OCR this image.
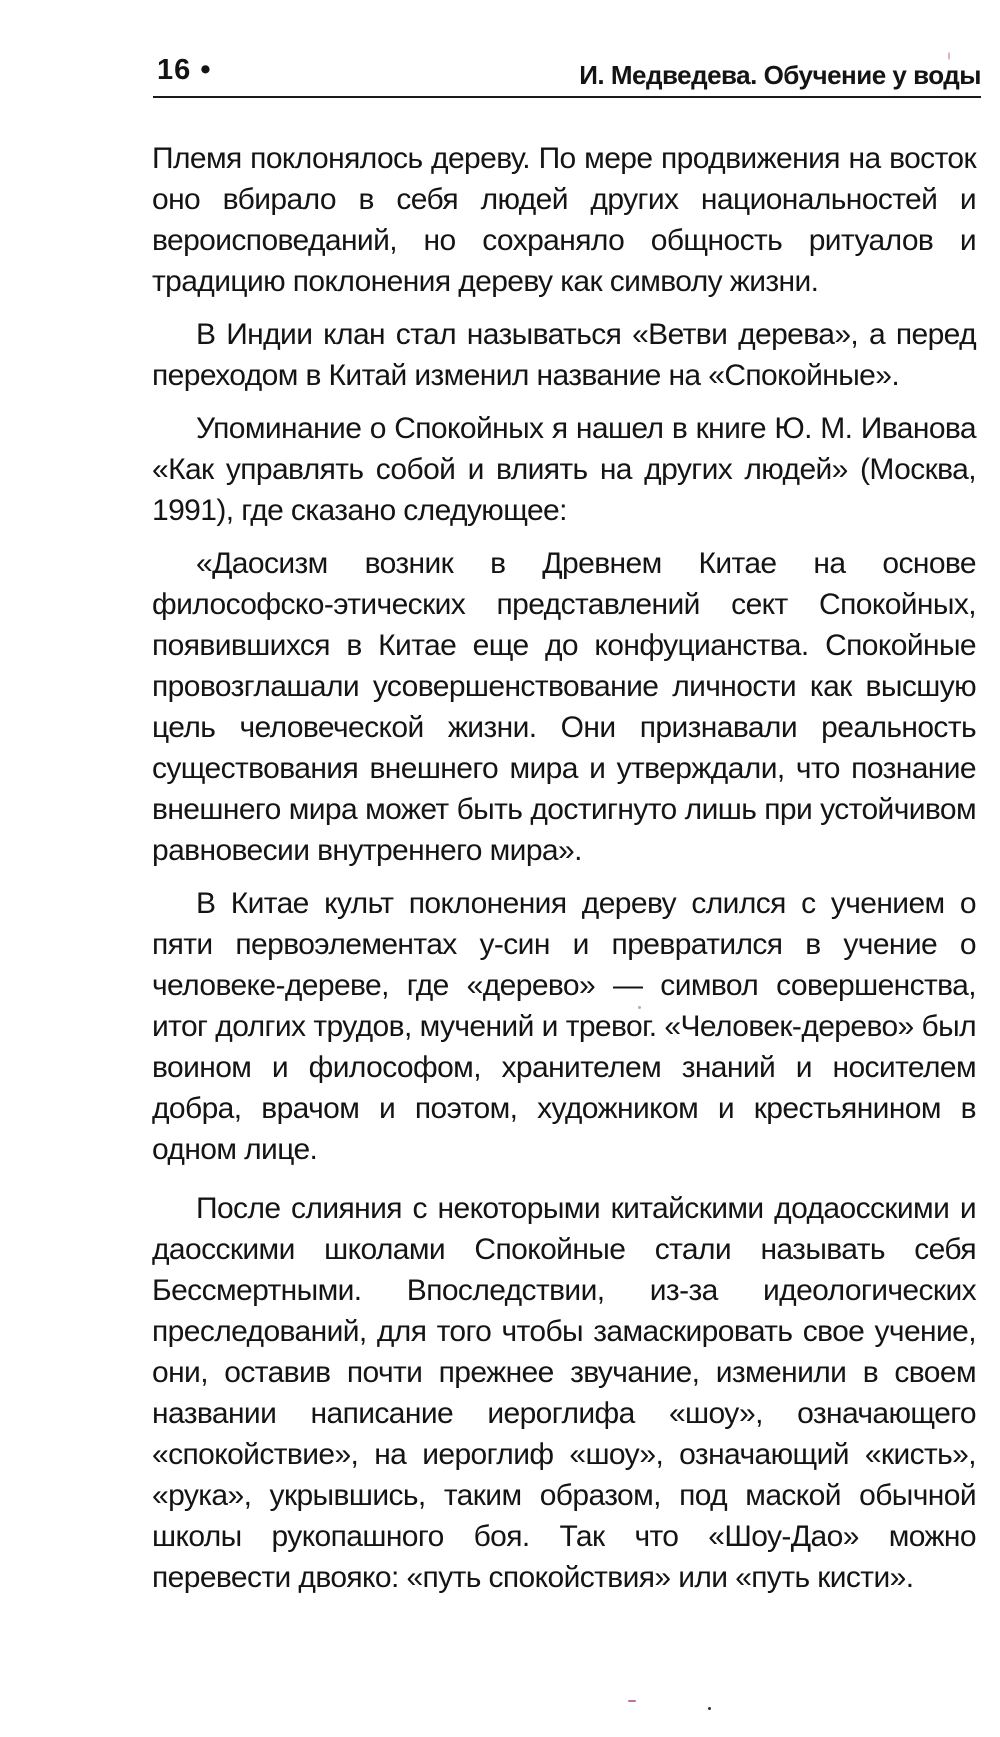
16 •	И. Медведева. Обучение у воды

Племя поклонялось дереву. По мере продвижения на восток оно вбирало в себя людей других национальностей и вероисповеданий, но сохраняло общность ритуалов и традицию поклонения дереву как символу жизни.

В Индии клан стал называться «Ветви дерева», а перед переходом в Китай изменил название на «Спокойные».

Упоминание о Спокойных я нашел в книге Ю. М. Иванова «Как управлять собой и влиять на других людей» (Москва, 1991), где сказано следующее:

«Даосизм возник в Древнем Китае на основе философско-этических представлений сект Спокойных, появившихся в Китае еще до конфуцианства. Спокойные провозглашали усовершенствование личности как высшую цель человеческой жизни. Они признавали реальность существования внешнего мира и утверждали, что познание внешнего мира может быть достигнуто лишь при устойчивом равновесии внутреннего мира».

В Китае культ поклонения дереву слился с учением о пяти первоэлементах у-син и превратился в учение о человеке-дереве, где «дерево» — символ совершенства, итог долгих трудов, мучений и тревог. «Человек-дерево» был воином и философом, хранителем знаний и носителем добра, врачом и поэтом, художником и крестьянином в одном лице.

После слияния с некоторыми китайскими додаосскими и даосскими школами Спокойные стали называть себя Бессмертными. Впоследствии, из-за идеологических преследований, для того чтобы замаскировать свое учение, они, оставив почти прежнее звучание, изменили в своем названии написание иероглифа «шоу», означающего «спокойствие», на иероглиф «шоу», означающий «кисть», «рука», укрывшись, таким образом, под маской обычной школы рукопашного боя. Так что «Шоу-Дао» можно перевести двояко: «путь спокойствия» или «путь кисти».
